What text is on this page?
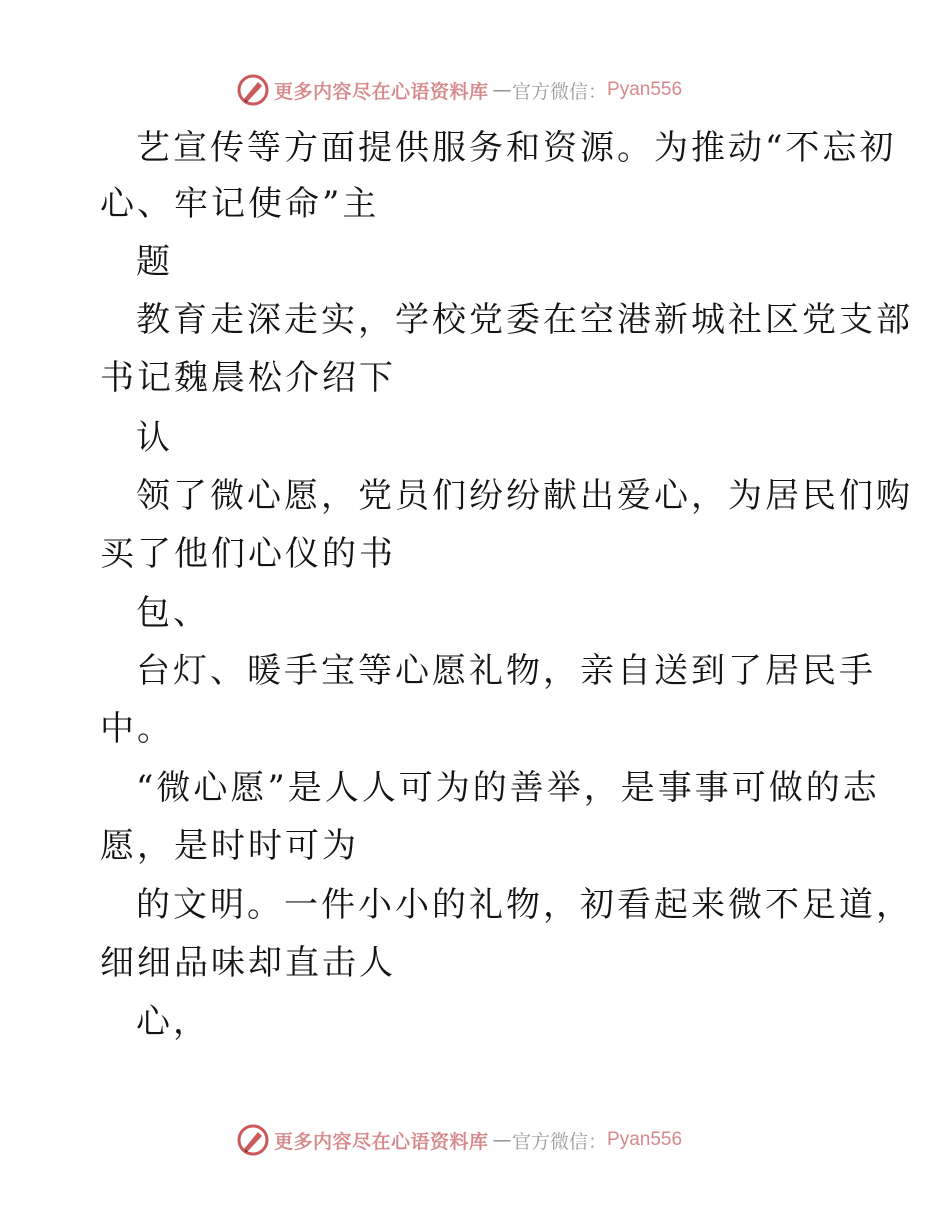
更多内容尽在心语资料库 — 官方微信： Pyan556
艺宣传等方面提供服务和资源。为推动“不忘初
心、牢记使命”主
题
教育走深走实，学校党委在空港新城社区党支部
书记魏晨松介绍下
认
领了微心愿，党员们纷纷献出爱心，为居民们购
买了他们心仪的书
包、
台灯、暖手宝等心愿礼物，亲自送到了居民手
中。
“微心愿”是人人可为的善举，是事事可做的志
愿，是时时可为
的文明。一件小小的礼物，初看起来微不足道，
细细品味却直击人
心，
更多内容尽在心语资料库 — 官方微信： Pyan556
